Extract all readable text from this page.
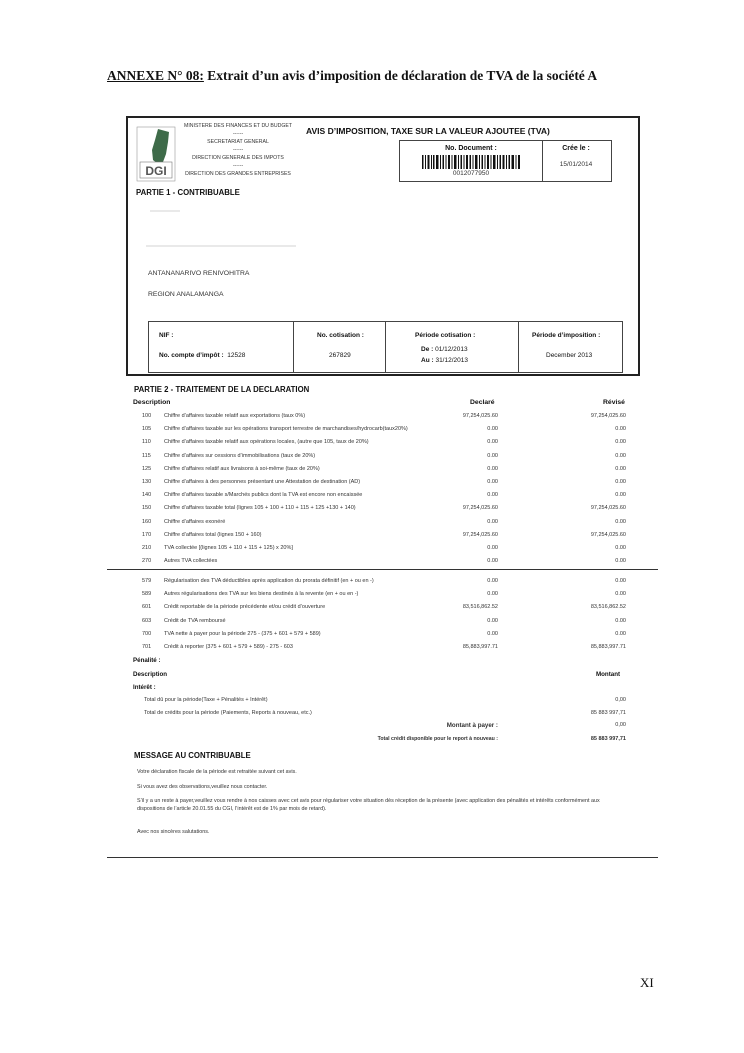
ANNEXE N° 08: Extrait d’un avis d’imposition de déclaration de TVA de la société A
DGI
MINISTERE DES FINANCES ET DU BUDGET
------
SECRETARIAT GENERAL
------
DIRECTION GENERALE DES IMPOTS
------
DIRECTION DES GRANDES ENTREPRISES
AVIS D’IMPOSITION, TAXE SUR LA VALEUR AJOUTEE (TVA)
No. Document :
0012077950
Crée le :
15/01/2014
PARTIE 1 - CONTRIBUABLE
ANTANANARIVO RENIVOHITRA
REGION ANALAMANGA
NIF :
No. compte d’impôt : 12528
No. cotisation :
267829
Période cotisation :
De : 01/12/2013
Au : 31/12/2013
Période d’imposition :
December 2013
PARTIE 2 - TRAITEMENT DE LA DECLARATION
Description	Declaré	Révisé
100 Chiffre d’affaires taxable relatif aux exportations (taux 0%)	97,254,025.60	97,254,025.60
105 Chiffre d’affaires taxable sur les opérations transport terrestre de marchandises/hydrocarb(taux20%)	0.00	0.00
110 Chiffre d’affaires taxable relatif aux opérations locales, (autre que 105, taux de 20%)	0.00	0.00
115 Chiffre d’affaires sur cessions d’immobilisations (taux de 20%)	0.00	0.00
125 Chiffre d’affaires relatif aux livraisons à soi-même (taux de 20%)	0.00	0.00
130 Chiffre d’affaires à des personnes présentant une Attestation de destination (AD)	0.00	0.00
140 Chiffre d’affaires taxable s/Marchés publics dont la TVA est encore non encaissée	0.00	0.00
150 Chiffre d’affaires taxable total (lignes 105 + 100 + 110 + 115 + 125 +130 + 140)	97,254,025.60	97,254,025.60
160 Chiffre d’affaires exonéré	0.00	0.00
170 Chiffre d’affaires total (lignes 150 + 160)	97,254,025.60	97,254,025.60
210 TVA collectée [(lignes 105 + 110 + 115 + 125) x 20%]	0.00	0.00
270 Autres TVA collectées	0.00	0.00
579 Régularisation des TVA déductibles après application du prorata définitif (en + ou en -)	0.00	0.00
589 Autres régularisations des TVA sur les biens destinés à la revente (en + ou en -)	0.00	0.00
601 Crédit reportable de la période précédente et/ou crédit d’ouverture	83,516,862.52	83,516,862.52
603 Crédit de TVA remboursé	0.00	0.00
700 TVA nette à payer pour la période 275 - (375 + 601 + 579 + 589)	0.00	0.00
701 Crédit à reporter (375 + 601 + 579 + 589) - 275 - 603	85,883,997.71	85,883,997.71
Pénalité :
Description	Montant
Intérêt :
Total dû pour la période(Taxe + Pénalités + Intérêt)	0,00
Total de crédits pour la période (Paiements, Reports à nouveau, etc.)	85 883 997,71
Montant à payer :	0,00
Total crédit disponible pour le report à nouveau :	85 883 997,71
MESSAGE AU CONTRIBUABLE
Votre déclaration fiscale de la période est retraitée suivant cet avis.
Si vous avez des observations,veuillez nous contacter.
S’il y a un reste à payer,veuillez vous rendre à nos caisses avec cet avis pour régulariser votre situation dès réception de la présente (avec application des pénalités et intérêts conformément aux dispositions de l’article 20.01.55 du CGI, l’intérêt est de 1% par mois de retard).
Avec nos sincères salutations.
XI
